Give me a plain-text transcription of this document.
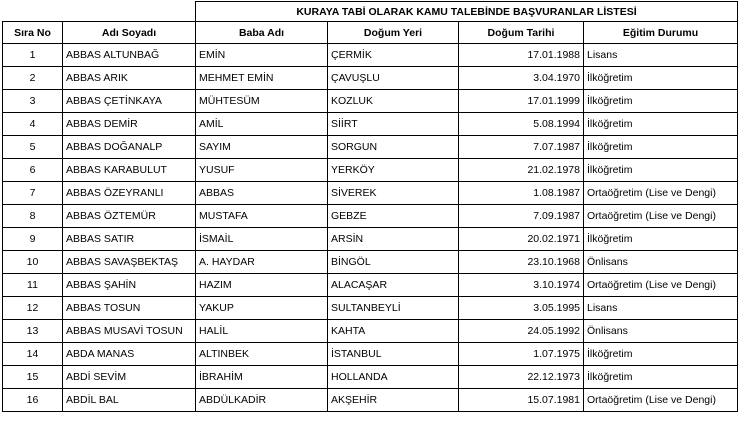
		KURAYA TABİ OLARAK KAMU TALEBİNDE BAŞVURANLAR LİSTESİ			
Sıra No	Adı Soyadı	Baba Adı	Doğum Yeri	Doğum Tarihi	Eğitim Durumu
1	ABBAS ALTUNBAĞ	EMİN	ÇERMİK	17.01.1988	Lisans
2	ABBAS ARIK	MEHMET EMİN	ÇAVUŞLU	3.04.1970	İlköğretim
3	ABBAS ÇETİNKAYA	MÜHTESÜM	KOZLUK	17.01.1999	İlköğretim
4	ABBAS DEMİR	AMİL	SİİRT	5.08.1994	İlköğretim
5	ABBAS DOĞANALP	SAYIM	SORGUN	7.07.1987	İlköğretim
6	ABBAS KARABULUT	YUSUF	YERKÖY	21.02.1978	İlköğretim
7	ABBAS ÖZEYRANLI	ABBAS	SİVEREK	1.08.1987	Ortaöğretim (Lise ve Dengi)
8	ABBAS ÖZTEMÜR	MUSTAFA	GEBZE	7.09.1987	Ortaöğretim (Lise ve Dengi)
9	ABBAS SATIR	İSMAİL	ARSİN	20.02.1971	İlköğretim
10	ABBAS SAVAŞBEKTAŞ	A. HAYDAR	BİNGÖL	23.10.1968	Önlisans
11	ABBAS ŞAHİN	HAZIM	ALACAŞAR	3.10.1974	Ortaöğretim (Lise ve Dengi)
12	ABBAS TOSUN	YAKUP	SULTANBEYLİ	3.05.1995	Lisans
13	ABBAS MUSAVİ TOSUN	HALİL	KAHTA	24.05.1992	Önlisans
14	ABDA MANAS	ALTINBEK	İSTANBUL	1.07.1975	İlköğretim
15	ABDİ SEVİM	İBRAHİM	HOLLANDA	22.12.1973	İlköğretim
16	ABDİL BAL	ABDÜLKADİR	AKŞEHİR	15.07.1981	Ortaöğretim (Lise ve Dengi)
